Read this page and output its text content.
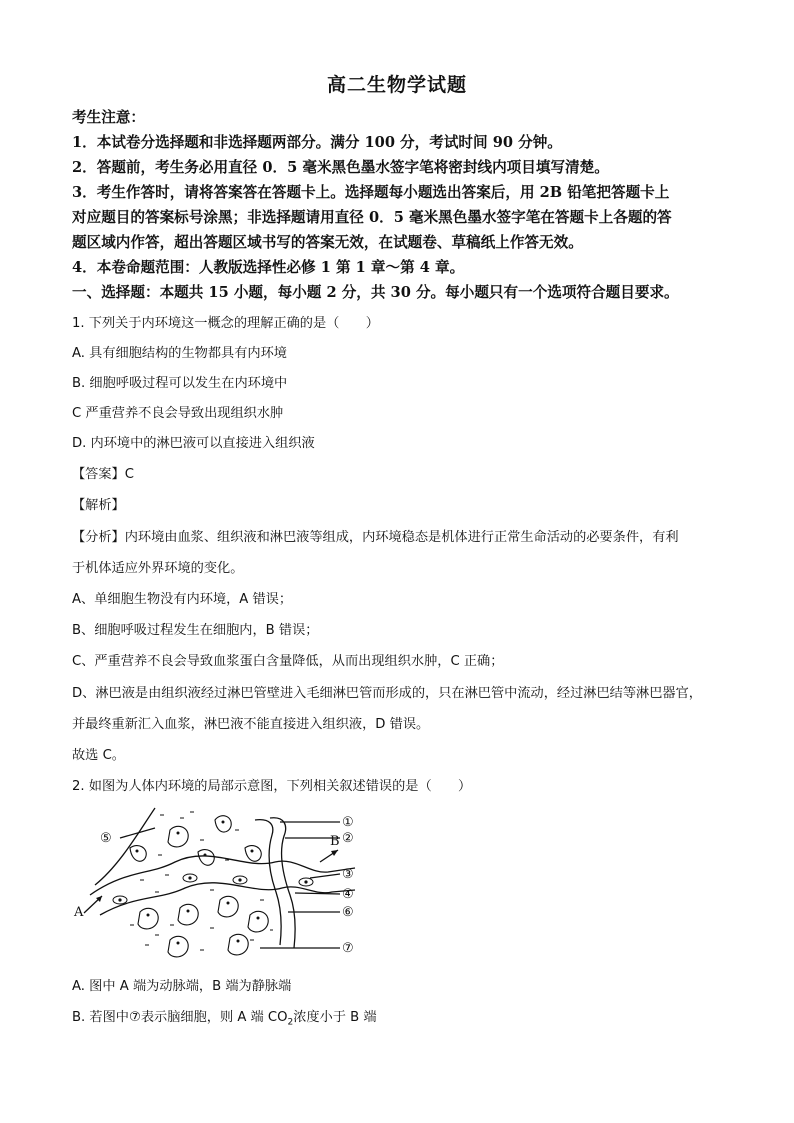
高二生物学试题
考生注意：
1．本试卷分选择题和非选择题两部分。满分 100 分，考试时间 90 分钟。
2．答题前，考生务必用直径 0．5 毫米黑色墨水签字笔将密封线内项目填写清楚。
3．考生作答时，请将答案答在答题卡上。选择题每小题选出答案后，用 2B 铅笔把答题卡上
对应题目的答案标号涂黑；非选择题请用直径 0．5 毫米黑色墨水签字笔在答题卡上各题的答
题区域内作答，超出答题区域书写的答案无效，在试题卷、草稿纸上作答无效。
4．本卷命题范围：人教版选择性必修 1 第 1 章～第 4 章。
一、选择题：本题共 15 小题，每小题 2 分，共 30 分。每小题只有一个选项符合题目要求。
1. 下列关于内环境这一概念的理解正确的是（　　）
A. 具有细胞结构的生物都具有内环境
B. 细胞呼吸过程可以发生在内环境中
C 严重营养不良会导致出现组织水肿
D. 内环境中的淋巴液可以直接进入组织液
【答案】C
【解析】
【分析】内环境由血浆、组织液和淋巴液等组成，内环境稳态是机体进行正常生命活动的必要条件，有利
于机体适应外界环境的变化。
A、单细胞生物没有内环境，A 错误；
B、细胞呼吸过程发生在细胞内，B 错误；
C、严重营养不良会导致血浆蛋白含量降低，从而出现组织水肿，C 正确；
D、淋巴液是由组织液经过淋巴管壁进入毛细淋巴管而形成的，只在淋巴管中流动，经过淋巴结等淋巴器官，
并最终重新汇入血浆，淋巴液不能直接进入组织液，D 错误。
故选 C。
2. 如图为人体内环境的局部示意图，下列相关叙述错误的是（　　）
①
②
③
④
⑤
⑥
⑦
A
B
A. 图中 A 端为动脉端，B 端为静脉端
B. 若图中⑦表示脑细胞，则 A 端 $CO_2$浓度小于 B 端
